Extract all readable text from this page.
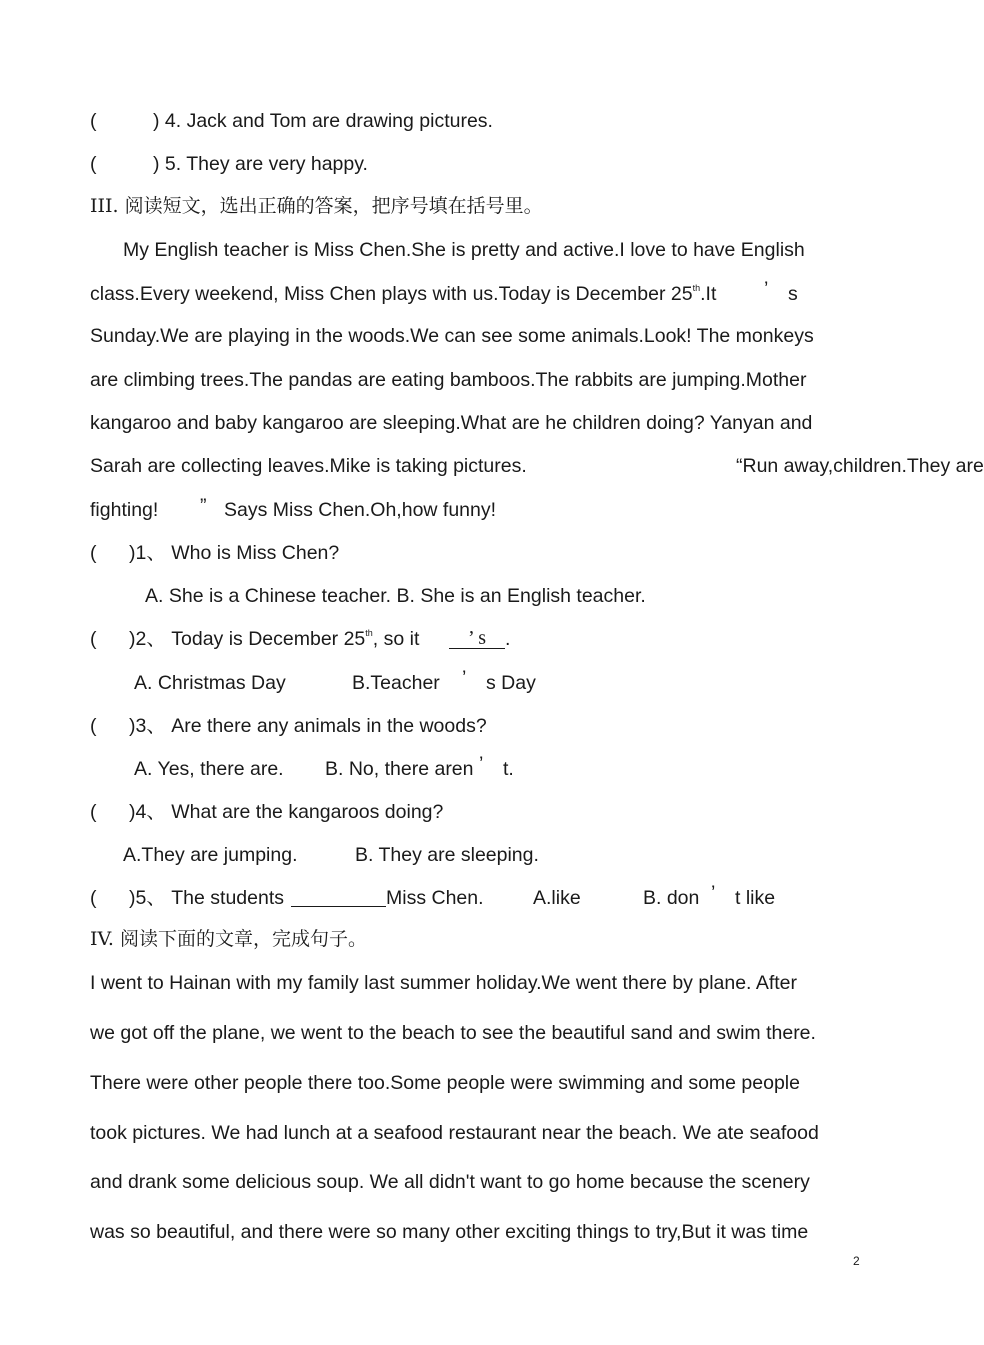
(	) 4. Jack and Tom are drawing pictures.
(	) 5. They are very happy.
III. 阅读短文，选出正确的答案，把序号填在括号里。
My English teacher is Miss Chen.She is pretty and active.I love to have English
class.Every weekend, Miss Chen plays with us.Today is December 25th.It ’ s
Sunday.We are playing in the woods.We can see some animals.Look! The monkeys
are climbing trees.The pandas are eating bamboos.The rabbits are jumping.Mother
kangaroo and baby kangaroo are sleeping.What are he children doing? Yanyan and
Sarah are collecting leaves.Mike is taking pictures.	“Run away,children.They are
fighting! ” Says Miss Chen.Oh,how funny!
( )1、 Who is Miss Chen?
A. She is a Chinese teacher. B. She is an English teacher.
( )2、 Today is December 25th, so it	’ s .
A. Christmas Day	B.Teacher ’ s Day
( )3、 Are there any animals in the woods?
A. Yes, there are. B. No, there aren ’ t.
( )4、 What are the kangaroos doing?
A.They are jumping.	B. They are sleeping.
( )5、 The students	Miss Chen.	A.like	B. don ’ t like
IV. 阅读下面的文章，完成句子。
I went to Hainan with my family last summer holiday.We went there by plane. After
we got off the plane, we went to the beach to see the beautiful sand and swim there.
There were other people there too.Some people were swimming and some people
took pictures. We had lunch at a seafood restaurant near the beach. We ate seafood
and drank some delicious soup. We all didn't want to go home because the scenery
was so beautiful, and there were so many other exciting things to try,But it was time
2
